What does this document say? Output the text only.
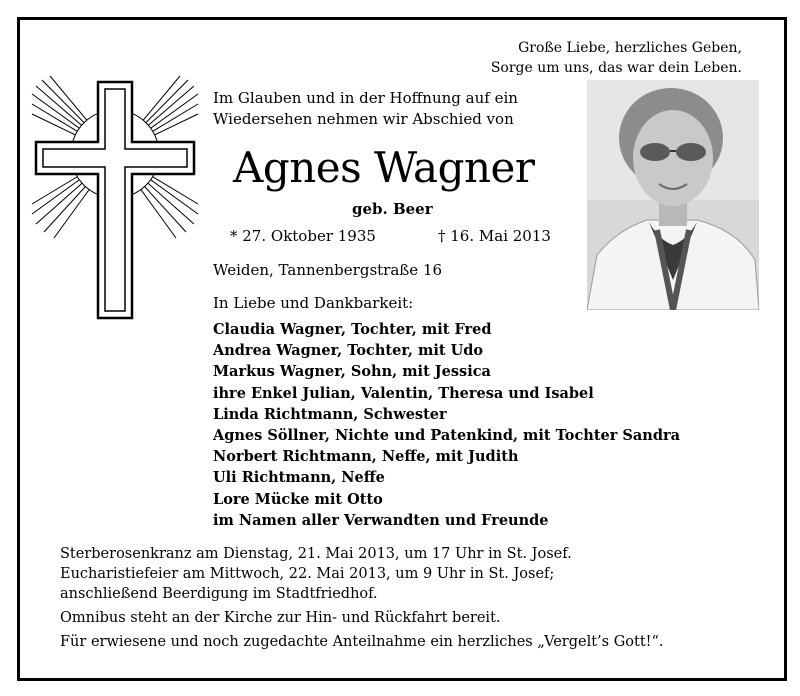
Große Liebe, herzliches Geben,
Sorge um uns, das war dein Leben.
Im Glauben und in der Hoffnung auf ein
Wiedersehen nehmen wir Abschied von
Agnes Wagner
geb. Beer
* 27. Oktober 1935	† 16. Mai 2013
Weiden, Tannenbergstraße 16
In Liebe und Dankbarkeit:
Claudia Wagner, Tochter, mit Fred
Andrea Wagner, Tochter, mit Udo
Markus Wagner, Sohn, mit Jessica
ihre Enkel Julian, Valentin, Theresa und Isabel
Linda Richtmann, Schwester
Agnes Söllner, Nichte und Patenkind, mit Tochter Sandra
Norbert Richtmann, Neffe, mit Judith
Uli Richtmann, Neffe
Lore Mücke mit Otto
im Namen aller Verwandten und Freunde
Sterberosenkranz am Dienstag, 21. Mai 2013, um 17 Uhr in St. Josef.
Eucharistiefeier am Mittwoch, 22. Mai 2013, um 9 Uhr in St. Josef;
anschließend Beerdigung im Stadtfriedhof.
Omnibus steht an der Kirche zur Hin- und Rückfahrt bereit.
Für erwiesene und noch zugedachte Anteilnahme ein herzliches „Vergelt’s Gott!“.
